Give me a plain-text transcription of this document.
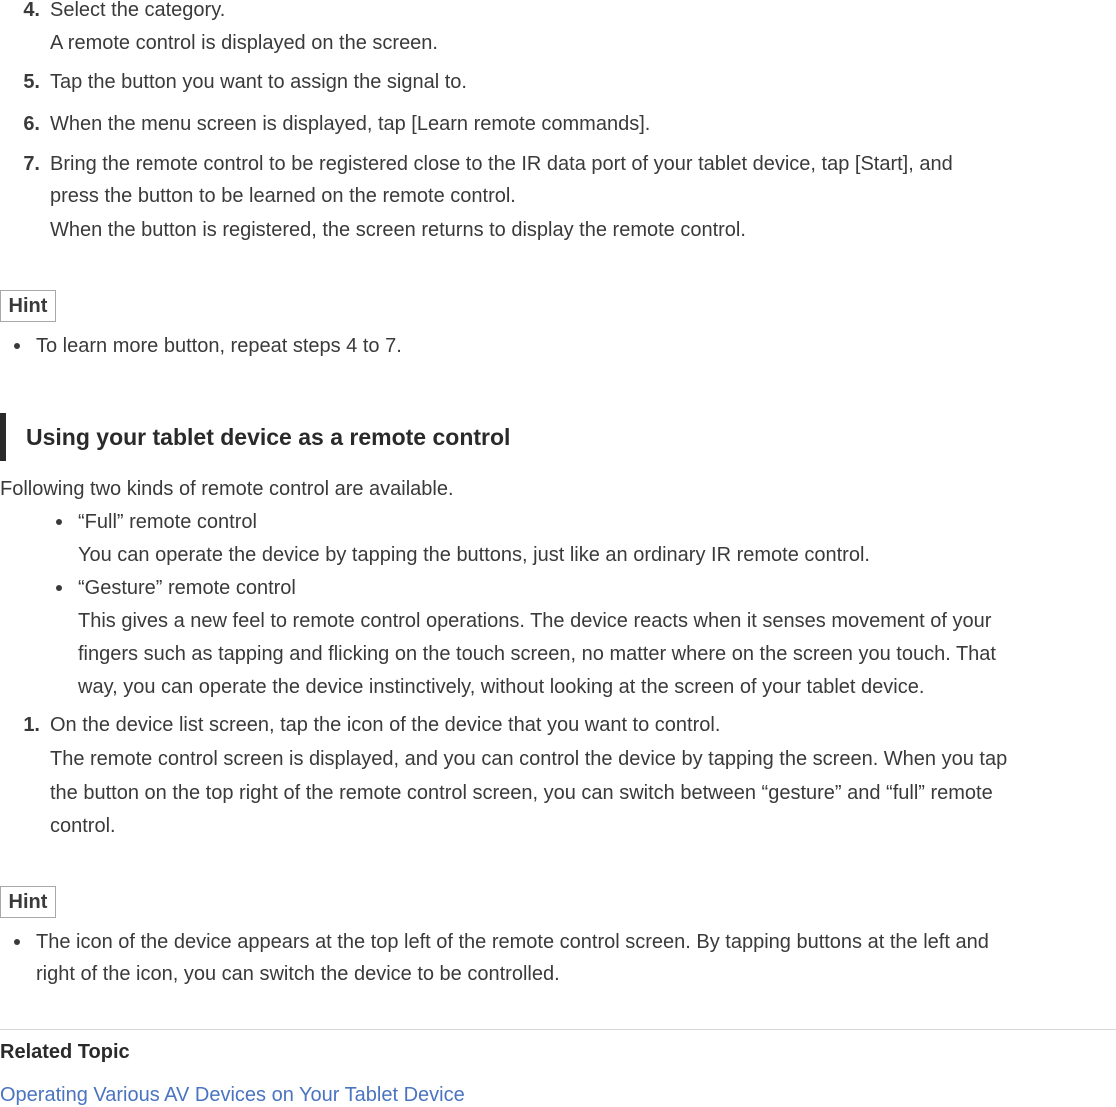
4. Select the category.
A remote control is displayed on the screen.
5. Tap the button you want to assign the signal to.
6. When the menu screen is displayed, tap [Learn remote commands].
7. Bring the remote control to be registered close to the IR data port of your tablet device, tap [Start], and
press the button to be learned on the remote control.
When the button is registered, the screen returns to display the remote control.
Hint
To learn more button, repeat steps 4 to 7.
Using your tablet device as a remote control
Following two kinds of remote control are available.
“Full” remote control
You can operate the device by tapping the buttons, just like an ordinary IR remote control.
“Gesture” remote control
This gives a new feel to remote control operations. The device reacts when it senses movement of your
fingers such as tapping and flicking on the touch screen, no matter where on the screen you touch. That
way, you can operate the device instinctively, without looking at the screen of your tablet device.
1. On the device list screen, tap the icon of the device that you want to control.
The remote control screen is displayed, and you can control the device by tapping the screen. When you tap
the button on the top right of the remote control screen, you can switch between “gesture” and “full” remote
control.
Hint
The icon of the device appears at the top left of the remote control screen. By tapping buttons at the left and
right of the icon, you can switch the device to be controlled.
Related Topic
Operating Various AV Devices on Your Tablet Device
